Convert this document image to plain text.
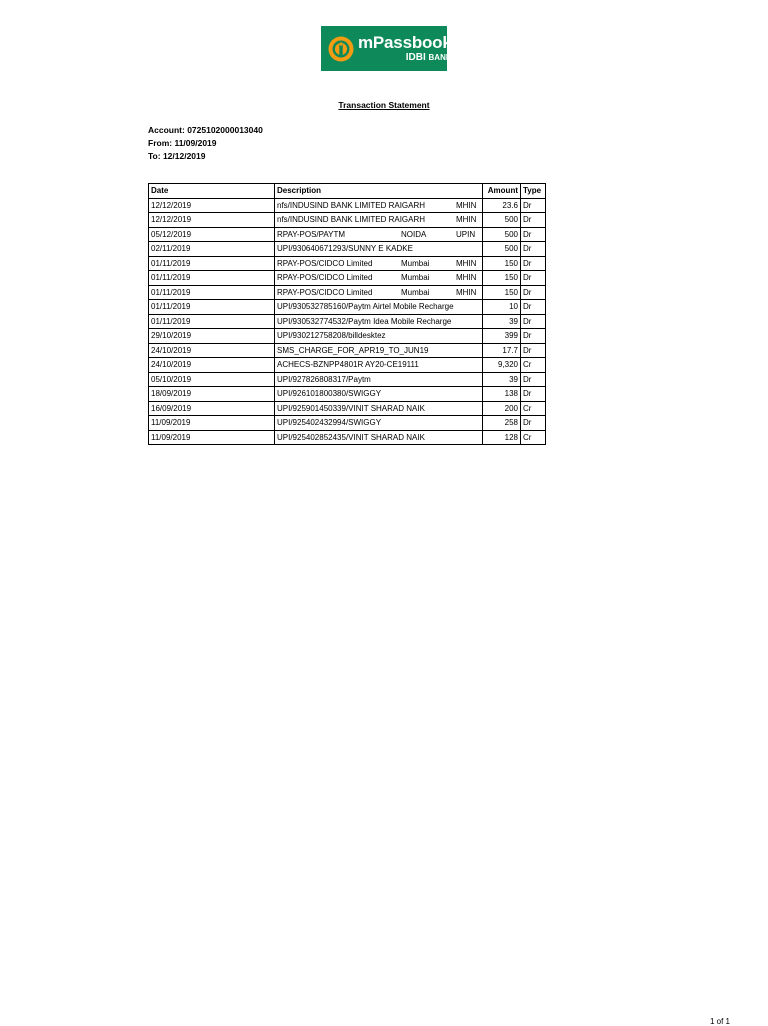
mPassbook
IDBI BANK
Transaction Statement
Account: 0725102000013040
From: 11/09/2019
To: 12/12/2019
Date	Description	Amount	Type
12/12/2019	nfs/INDUSIND BANK LIMITED RAIGARH MHIN	23.6	Dr
12/12/2019	nfs/INDUSIND BANK LIMITED RAIGARH MHIN	500	Dr
05/12/2019	RPAY-POS/PAYTM NOIDA UPIN	500	Dr
02/11/2019	UPI/930640671293/SUNNY E KADKE	500	Dr
01/11/2019	RPAY-POS/CIDCO Limited Mumbai MHIN	150	Dr
01/11/2019	RPAY-POS/CIDCO Limited Mumbai MHIN	150	Dr
01/11/2019	RPAY-POS/CIDCO Limited Mumbai MHIN	150	Dr
01/11/2019	UPI/930532785160/Paytm Airtel Mobile Recharge	10	Dr
01/11/2019	UPI/930532774532/Paytm Idea Mobile Recharge	39	Dr
29/10/2019	UPI/930212758208/billdesktez	399	Dr
24/10/2019	SMS_CHARGE_FOR_APR19_TO_JUN19	17.7	Dr
24/10/2019	ACHECS-BZNPP4801R AY20-CE19111	9,320	Cr
05/10/2019	UPI/927826808317/Paytm	39	Dr
18/09/2019	UPI/926101800380/SWIGGY	138	Dr
16/09/2019	UPI/925901450339/VINIT SHARAD NAIK	200	Cr
11/09/2019	UPI/925402432994/SWIGGY	258	Dr
11/09/2019	UPI/925402852435/VINIT SHARAD NAIK	128	Cr
1 of 1
